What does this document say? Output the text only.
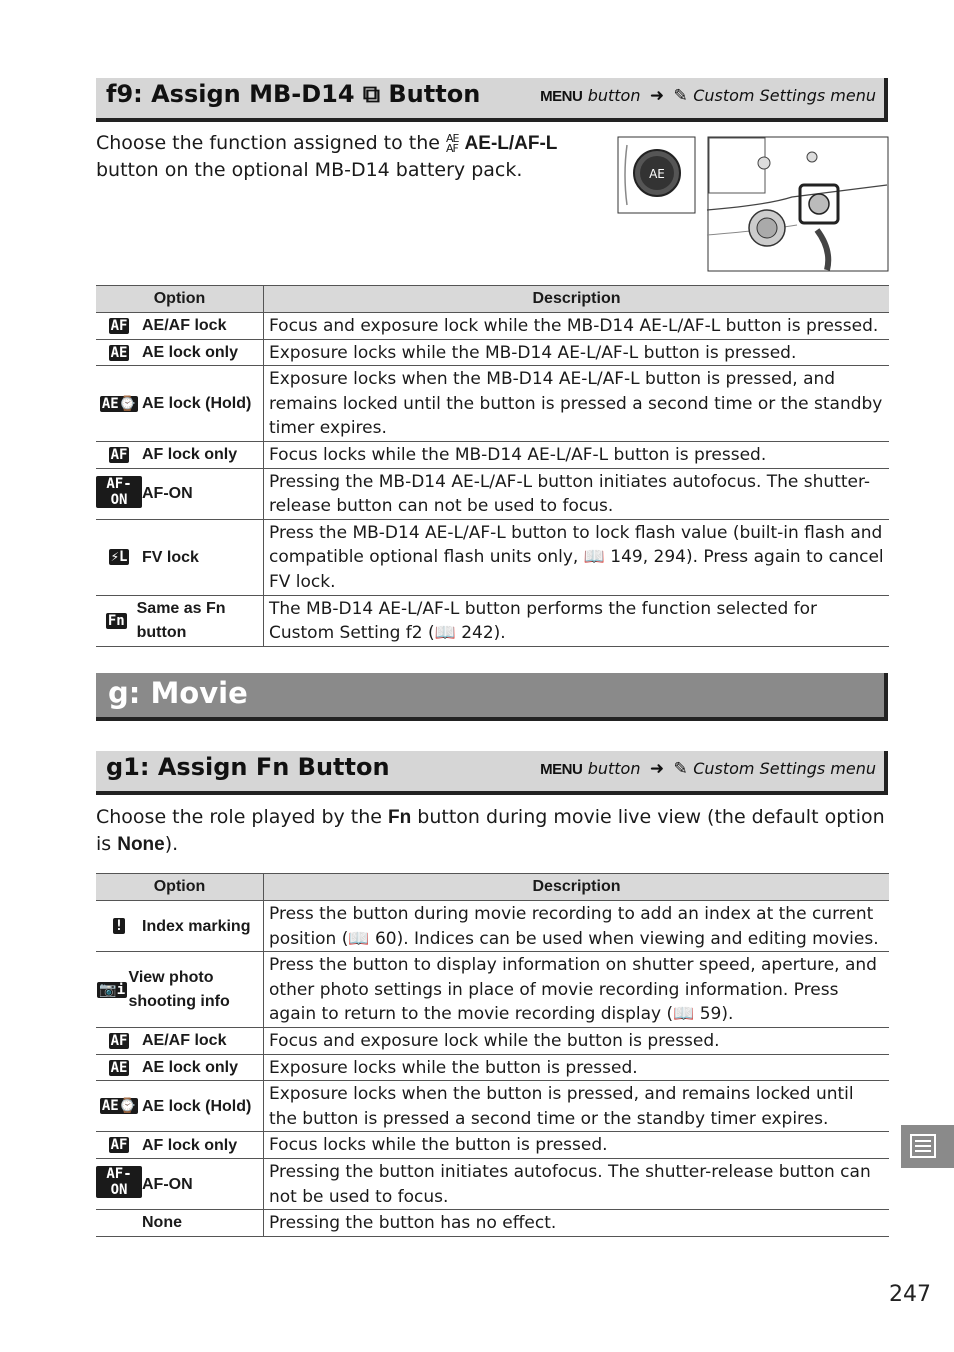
f9: Assign MB-D14 ⧉ Button	MENU button ➜ ✎ Custom Settings menu
Choose the function assigned to the AE
AF AE-L/AF-L button on the optional MB-D14 battery pack.	AE
Option	Description

AF AE/AF lock	Focus and exposure lock while the MB-D14 AE-L/AF-L button is pressed.

AE AE lock only	Exposure locks while the MB-D14 AE-L/AF-L button is pressed.

AE⌚ AE lock (Hold)	Exposure locks when the MB-D14 AE-L/AF-L button is pressed, and remains locked until the button is pressed a second time or the standby timer expires.

AF AF lock only	Focus locks while the MB-D14 AE-L/AF-L button is pressed.

AF-ON AF-ON	Pressing the MB-D14 AE-L/AF-L button initiates autofocus. The shutter-release button can not be used to focus.

⚡L FV lock	Press the MB-D14 AE-L/AF-L button to lock flash value (built-in flash and compatible optional flash units only, 📖 149, 294). Press again to cancel FV lock.

Fn
Same as Fn button	The MB-D14 AE-L/AF-L button performs the function selected for Custom Setting f2 (📖 242).
g: Movie
g1: Assign Fn Button	MENU button ➜ ✎ Custom Settings menu
Choose the role played by the Fn button during movie live view (the default option is None).
Option	Description

! Index marking	Press the button during movie recording to add an index at the current position (📖 60). Indices can be used when viewing and editing movies.

📷i
View photo shooting info	Press the button to display information on shutter speed, aperture, and other photo settings in place of movie recording information. Press again to return to the movie recording display (📖 59).

AF AE/AF lock	Focus and exposure lock while the button is pressed.

AE AE lock only	Exposure locks while the button is pressed.

AE⌚ AE lock (Hold)	Exposure locks when the button is pressed, and remains locked until the button is pressed a second time or the standby timer expires.

AF AF lock only	Focus locks while the button is pressed.

AF-ON AF-ON	Pressing the button initiates autofocus. The shutter-release button can not be used to focus.

None	Pressing the button has no effect.
247
